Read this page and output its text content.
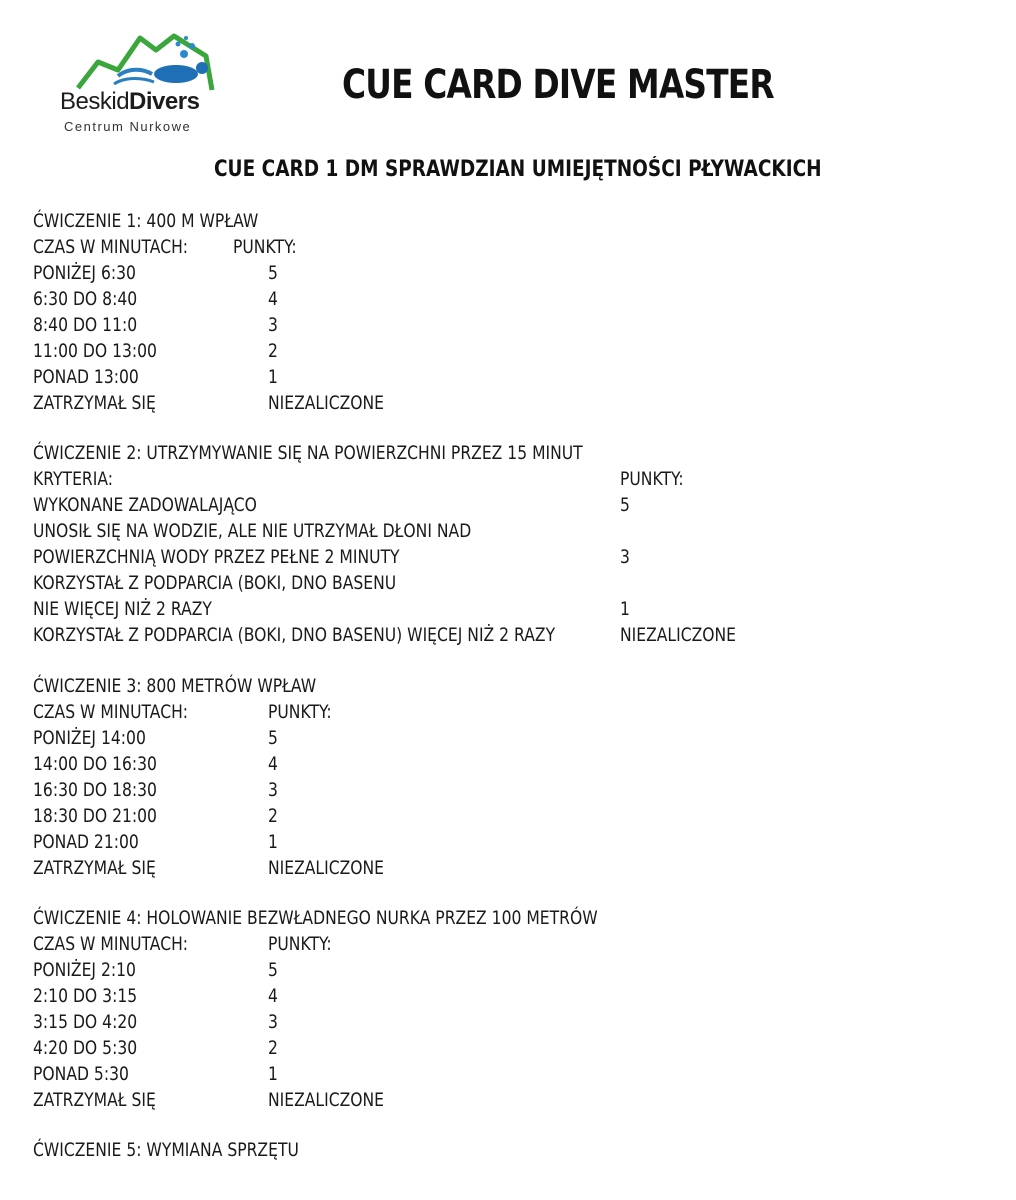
BeskidDivers
Centrum Nurkowe
CUE CARD DIVE MASTER
CUE CARD 1 DM SPRAWDZIAN UMIEJĘTNOŚCI PŁYWACKICH
ĆWICZENIE 1: 400 M WPŁAW
CZAS W MINUTACH: PUNKTY:
PONIŻEJ 6:30	5
6:30 DO 8:40	4
8:40 DO 11:0	3
11:00 DO 13:00	2
PONAD 13:00	1
ZATRZYMAŁ SIĘ	NIEZALICZONE
ĆWICZENIE 2: UTRZYMYWANIE SIĘ NA POWIERZCHNI PRZEZ 15 MINUT
KRYTERIA:	PUNKTY:
WYKONANE ZADOWALAJĄCO	5
UNOSIŁ SIĘ NA WODZIE, ALE NIE UTRZYMAŁ DŁONI NAD
POWIERZCHNIĄ WODY PRZEZ PEŁNE 2 MINUTY	3
KORZYSTAŁ Z PODPARCIA (BOKI, DNO BASENU
NIE WIĘCEJ NIŻ 2 RAZY	1
KORZYSTAŁ Z PODPARCIA (BOKI, DNO BASENU) WIĘCEJ NIŻ 2 RAZY	NIEZALICZONE
ĆWICZENIE 3: 800 METRÓW WPŁAW
CZAS W MINUTACH:	PUNKTY:
PONIŻEJ 14:00	5
14:00 DO 16:30	4
16:30 DO 18:30	3
18:30 DO 21:00	2
PONAD 21:00	1
ZATRZYMAŁ SIĘ	NIEZALICZONE
ĆWICZENIE 4: HOLOWANIE BEZWŁADNEGO NURKA PRZEZ 100 METRÓW
CZAS W MINUTACH:	PUNKTY:
PONIŻEJ 2:10	5
2:10 DO 3:15	4
3:15 DO 4:20	3
4:20 DO 5:30	2
PONAD 5:30	1
ZATRZYMAŁ SIĘ	NIEZALICZONE
ĆWICZENIE 5: WYMIANA SPRZĘTU
